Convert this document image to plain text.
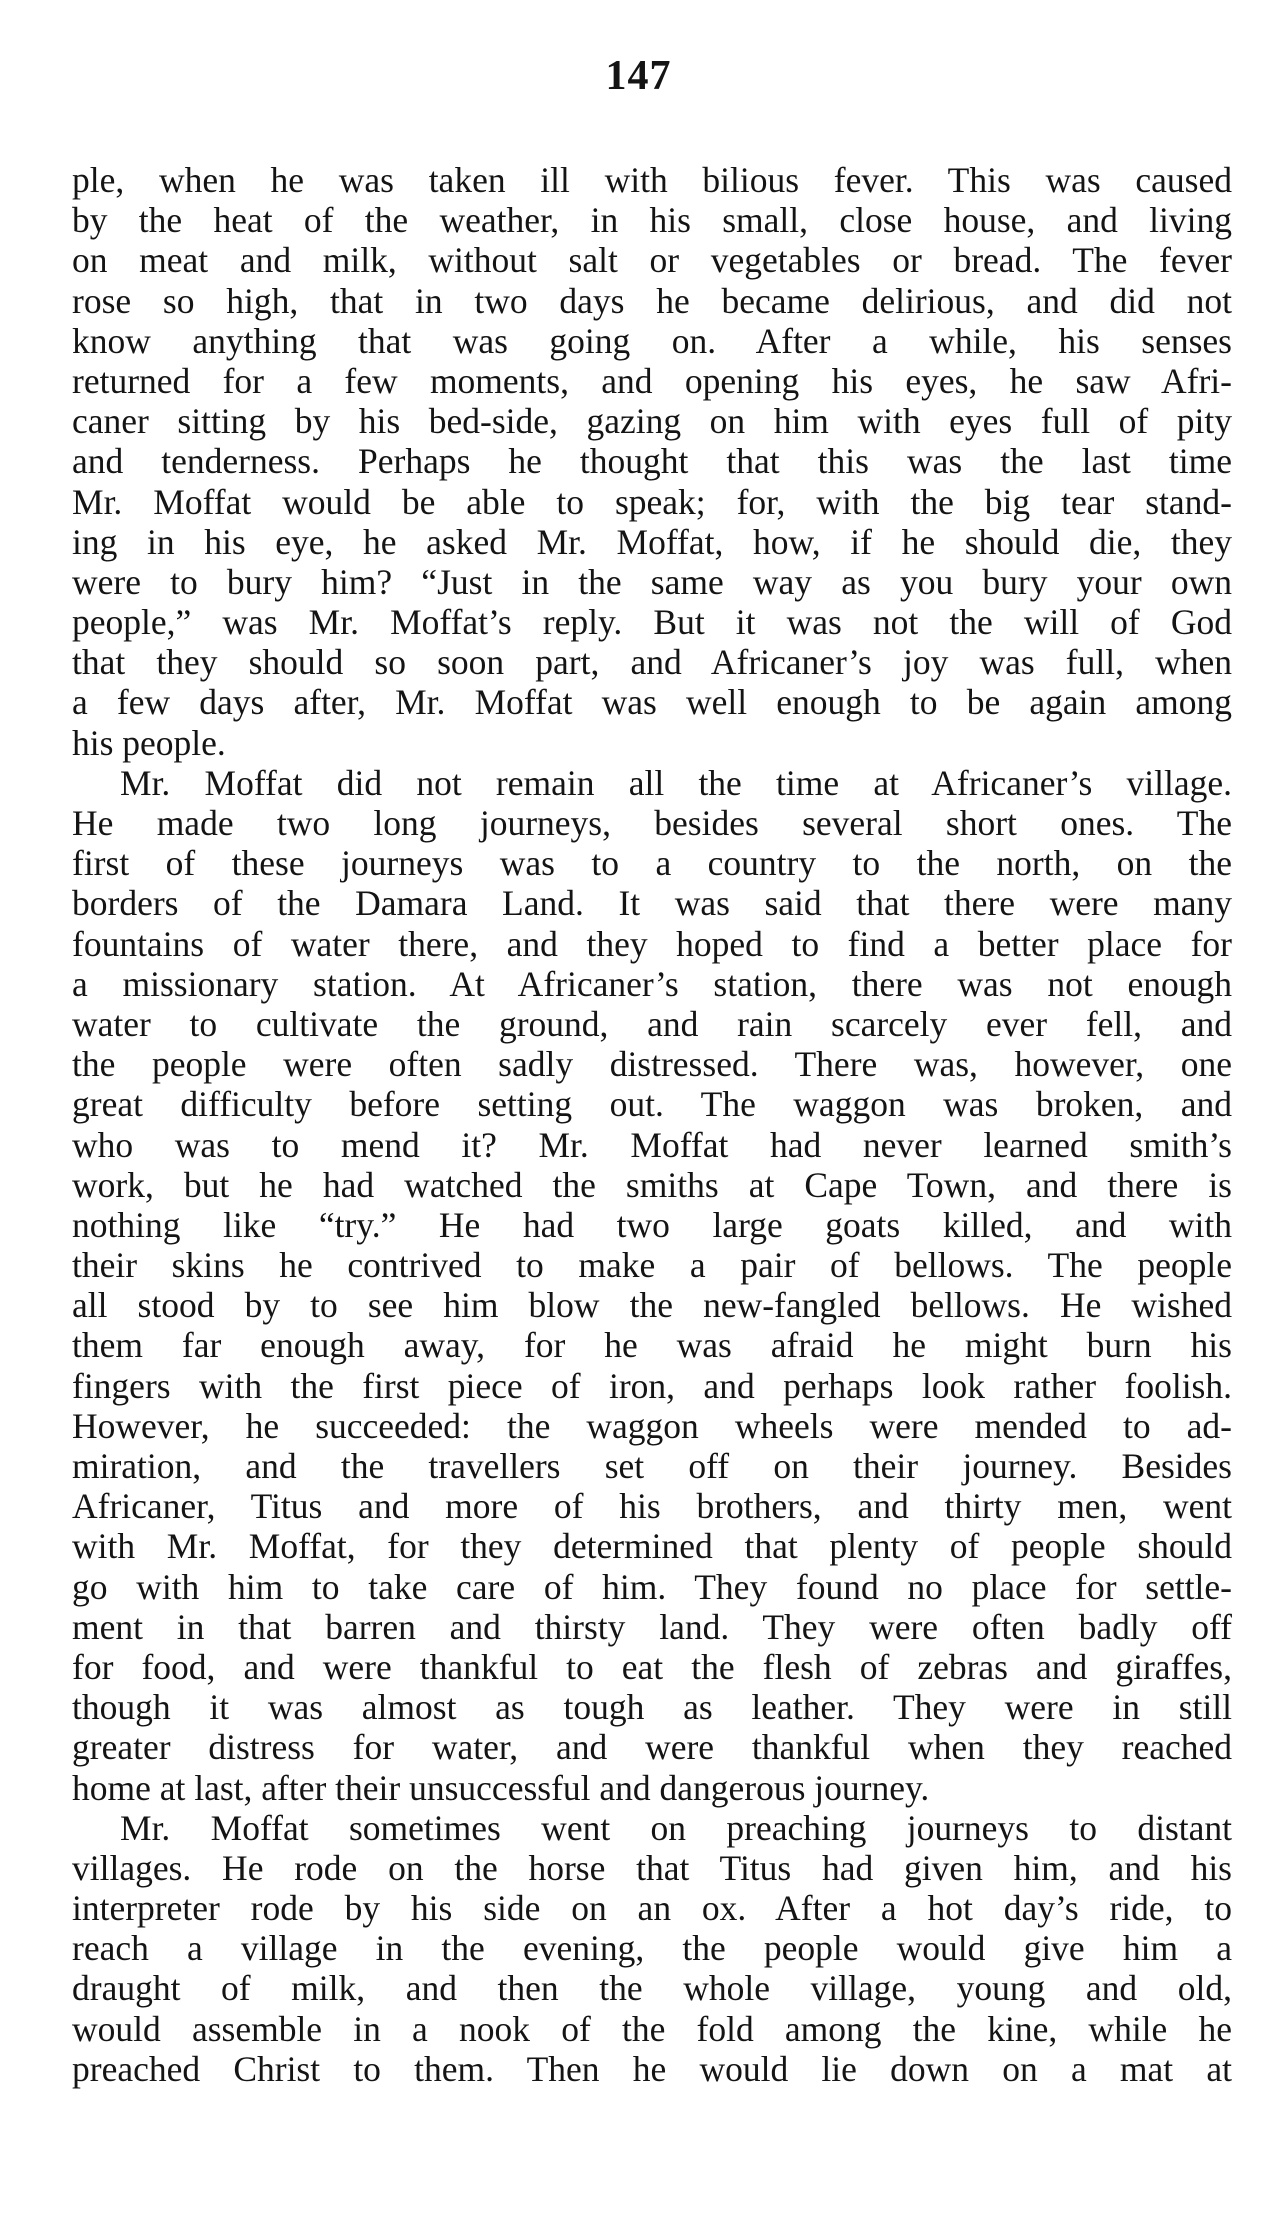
147
ple, when he was taken ill with bilious fever. This was caused
by the heat of the weather, in his small, close house, and living
on meat and milk, without salt or vegetables or bread. The fever
rose so high, that in two days he became delirious, and did not
know anything that was going on. After a while, his senses
returned for a few moments, and opening his eyes, he saw Afri-
caner sitting by his bed-side, gazing on him with eyes full of pity
and tenderness. Perhaps he thought that this was the last time
Mr. Moffat would be able to speak; for, with the big tear stand-
ing in his eye, he asked Mr. Moffat, how, if he should die, they
were to bury him? “Just in the same way as you bury your own
people,” was Mr. Moffat’s reply. But it was not the will of God
that they should so soon part, and Africaner’s joy was full, when
a few days after, Mr. Moffat was well enough to be again among
his people.
Mr. Moffat did not remain all the time at Africaner’s village.
He made two long journeys, besides several short ones. The
first of these journeys was to a country to the north, on the
borders of the Damara Land. It was said that there were many
fountains of water there, and they hoped to find a better place for
a missionary station. At Africaner’s station, there was not enough
water to cultivate the ground, and rain scarcely ever fell, and
the people were often sadly distressed. There was, however, one
great difficulty before setting out. The waggon was broken, and
who was to mend it? Mr. Moffat had never learned smith’s
work, but he had watched the smiths at Cape Town, and there is
nothing like “try.” He had two large goats killed, and with
their skins he contrived to make a pair of bellows. The people
all stood by to see him blow the new-fangled bellows. He wished
them far enough away, for he was afraid he might burn his
fingers with the first piece of iron, and perhaps look rather foolish.
However, he succeeded: the waggon wheels were mended to ad-
miration, and the travellers set off on their journey. Besides
Africaner, Titus and more of his brothers, and thirty men, went
with Mr. Moffat, for they determined that plenty of people should
go with him to take care of him. They found no place for settle-
ment in that barren and thirsty land. They were often badly off
for food, and were thankful to eat the flesh of zebras and giraffes,
though it was almost as tough as leather. They were in still
greater distress for water, and were thankful when they reached
home at last, after their unsuccessful and dangerous journey.
Mr. Moffat sometimes went on preaching journeys to distant
villages. He rode on the horse that Titus had given him, and his
interpreter rode by his side on an ox. After a hot day’s ride, to
reach a village in the evening, the people would give him a
draught of milk, and then the whole village, young and old,
would assemble in a nook of the fold among the kine, while he
preached Christ to them. Then he would lie down on a mat at
